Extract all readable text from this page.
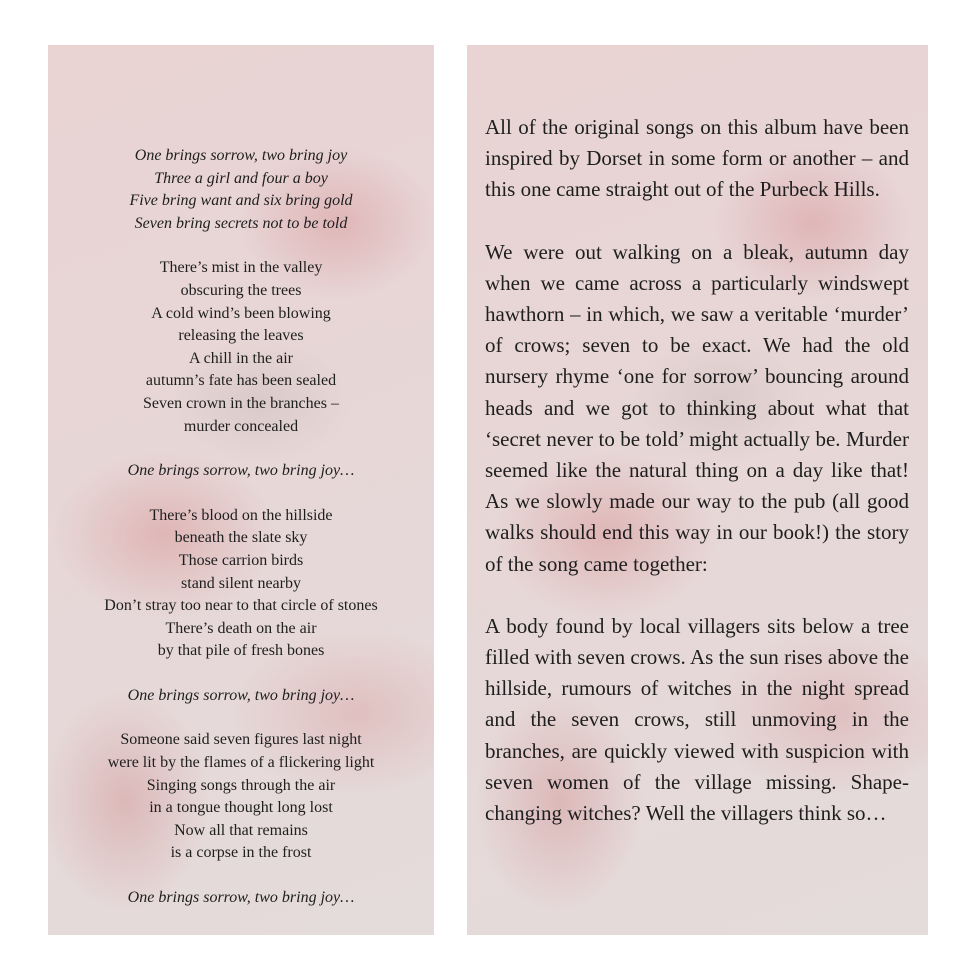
One brings sorrow, two bring joy
Three a girl and four a boy
Five bring want and six bring gold
Seven bring secrets not to be told
There’s mist in the valley
obscuring the trees
A cold wind’s been blowing
releasing the leaves
A chill in the air
autumn’s fate has been sealed
Seven crown in the branches –
murder concealed
One brings sorrow, two bring joy…
There’s blood on the hillside
beneath the slate sky
Those carrion birds
stand silent nearby
Don’t stray too near to that circle of stones
There’s death on the air
by that pile of fresh bones
One brings sorrow, two bring joy…
Someone said seven figures last night
were lit by the flames of a flickering light
Singing songs through the air
in a tongue thought long lost
Now all that remains
is a corpse in the frost
One brings sorrow, two bring joy…

All of the original songs on this album have been inspired by Dorset in some form or another – and this one came straight out of the Purbeck Hills.

We were out walking on a bleak, autumn day when we came across a particularly windswept hawthorn – in which, we saw a veritable ‘murder’ of crows; seven to be exact. We had the old nursery rhyme ‘one for sorrow’ bouncing around heads and we got to thinking about what that ‘secret never to be told’ might actually be. Murder seemed like the natural thing on a day like that! As we slowly made our way to the pub (all good walks should end this way in our book!) the story of the song came together:

A body found by local villagers sits below a tree filled with seven crows. As the sun rises above the hillside, rumours of witches in the night spread and the seven crows, still unmoving in the branches, are quickly viewed with suspicion with seven women of the village missing. Shape-changing witches? Well the villagers think so…
